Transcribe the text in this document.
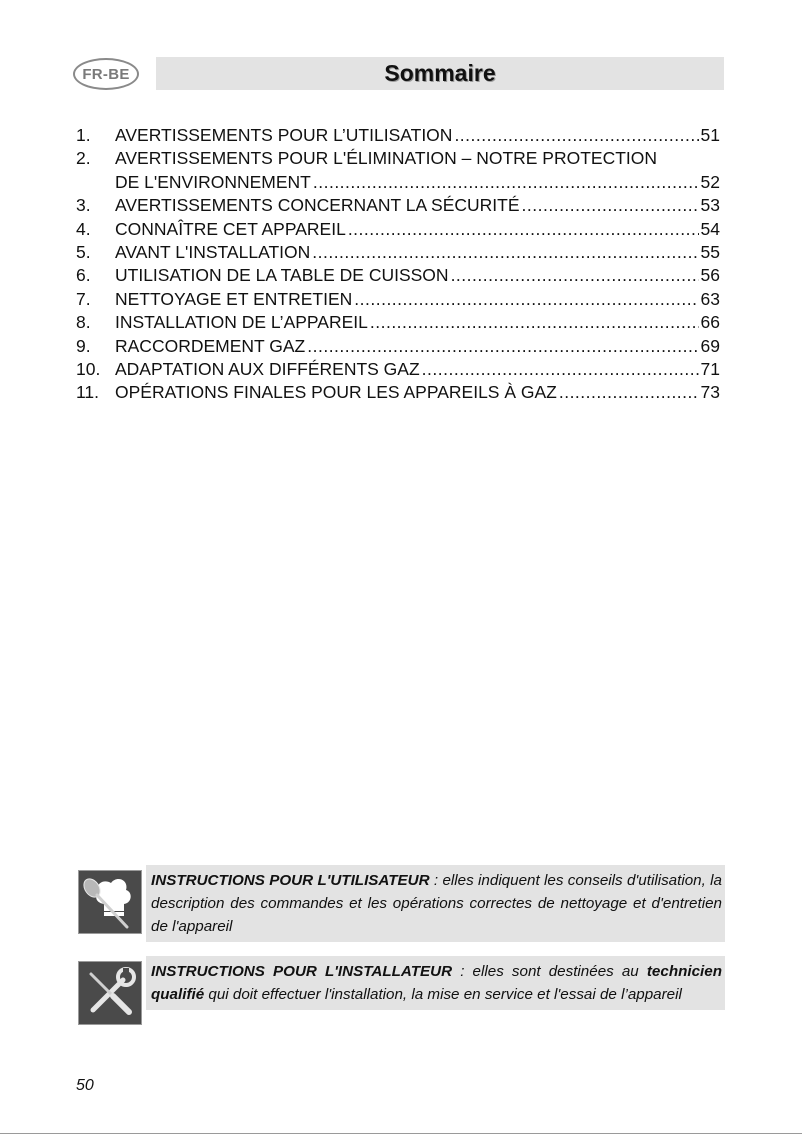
FR-BE	Sommaire
1.	AVERTISSEMENTS POUR L’UTILISATION .....	51
2.	AVERTISSEMENTS POUR L'ÉLIMINATION – NOTRE PROTECTION
DE L'ENVIRONNEMENT .....	52
3.	AVERTISSEMENTS CONCERNANT LA SÉCURITÉ .....	53
4.	CONNAÎTRE CET APPAREIL .....	54
5.	AVANT L'INSTALLATION .....	55
6.	UTILISATION DE LA TABLE DE CUISSON .....	56
7.	NETTOYAGE ET ENTRETIEN .....	63
8.	INSTALLATION DE L’APPAREIL .....	66
9.	RACCORDEMENT GAZ .....	69
10. ADAPTATION AUX DIFFÉRENTS GAZ .....	71
11. OPÉRATIONS FINALES POUR LES APPAREILS À GAZ .....	73
INSTRUCTIONS POUR L'UTILISATEUR : elles indiquent les conseils d'utilisation, la description des commandes et les opérations correctes de nettoyage et d'entretien de l'appareil
INSTRUCTIONS POUR L'INSTALLATEUR : elles sont destinées au technicien qualifié qui doit effectuer l'installation, la mise en service et l'essai de l’appareil
50
